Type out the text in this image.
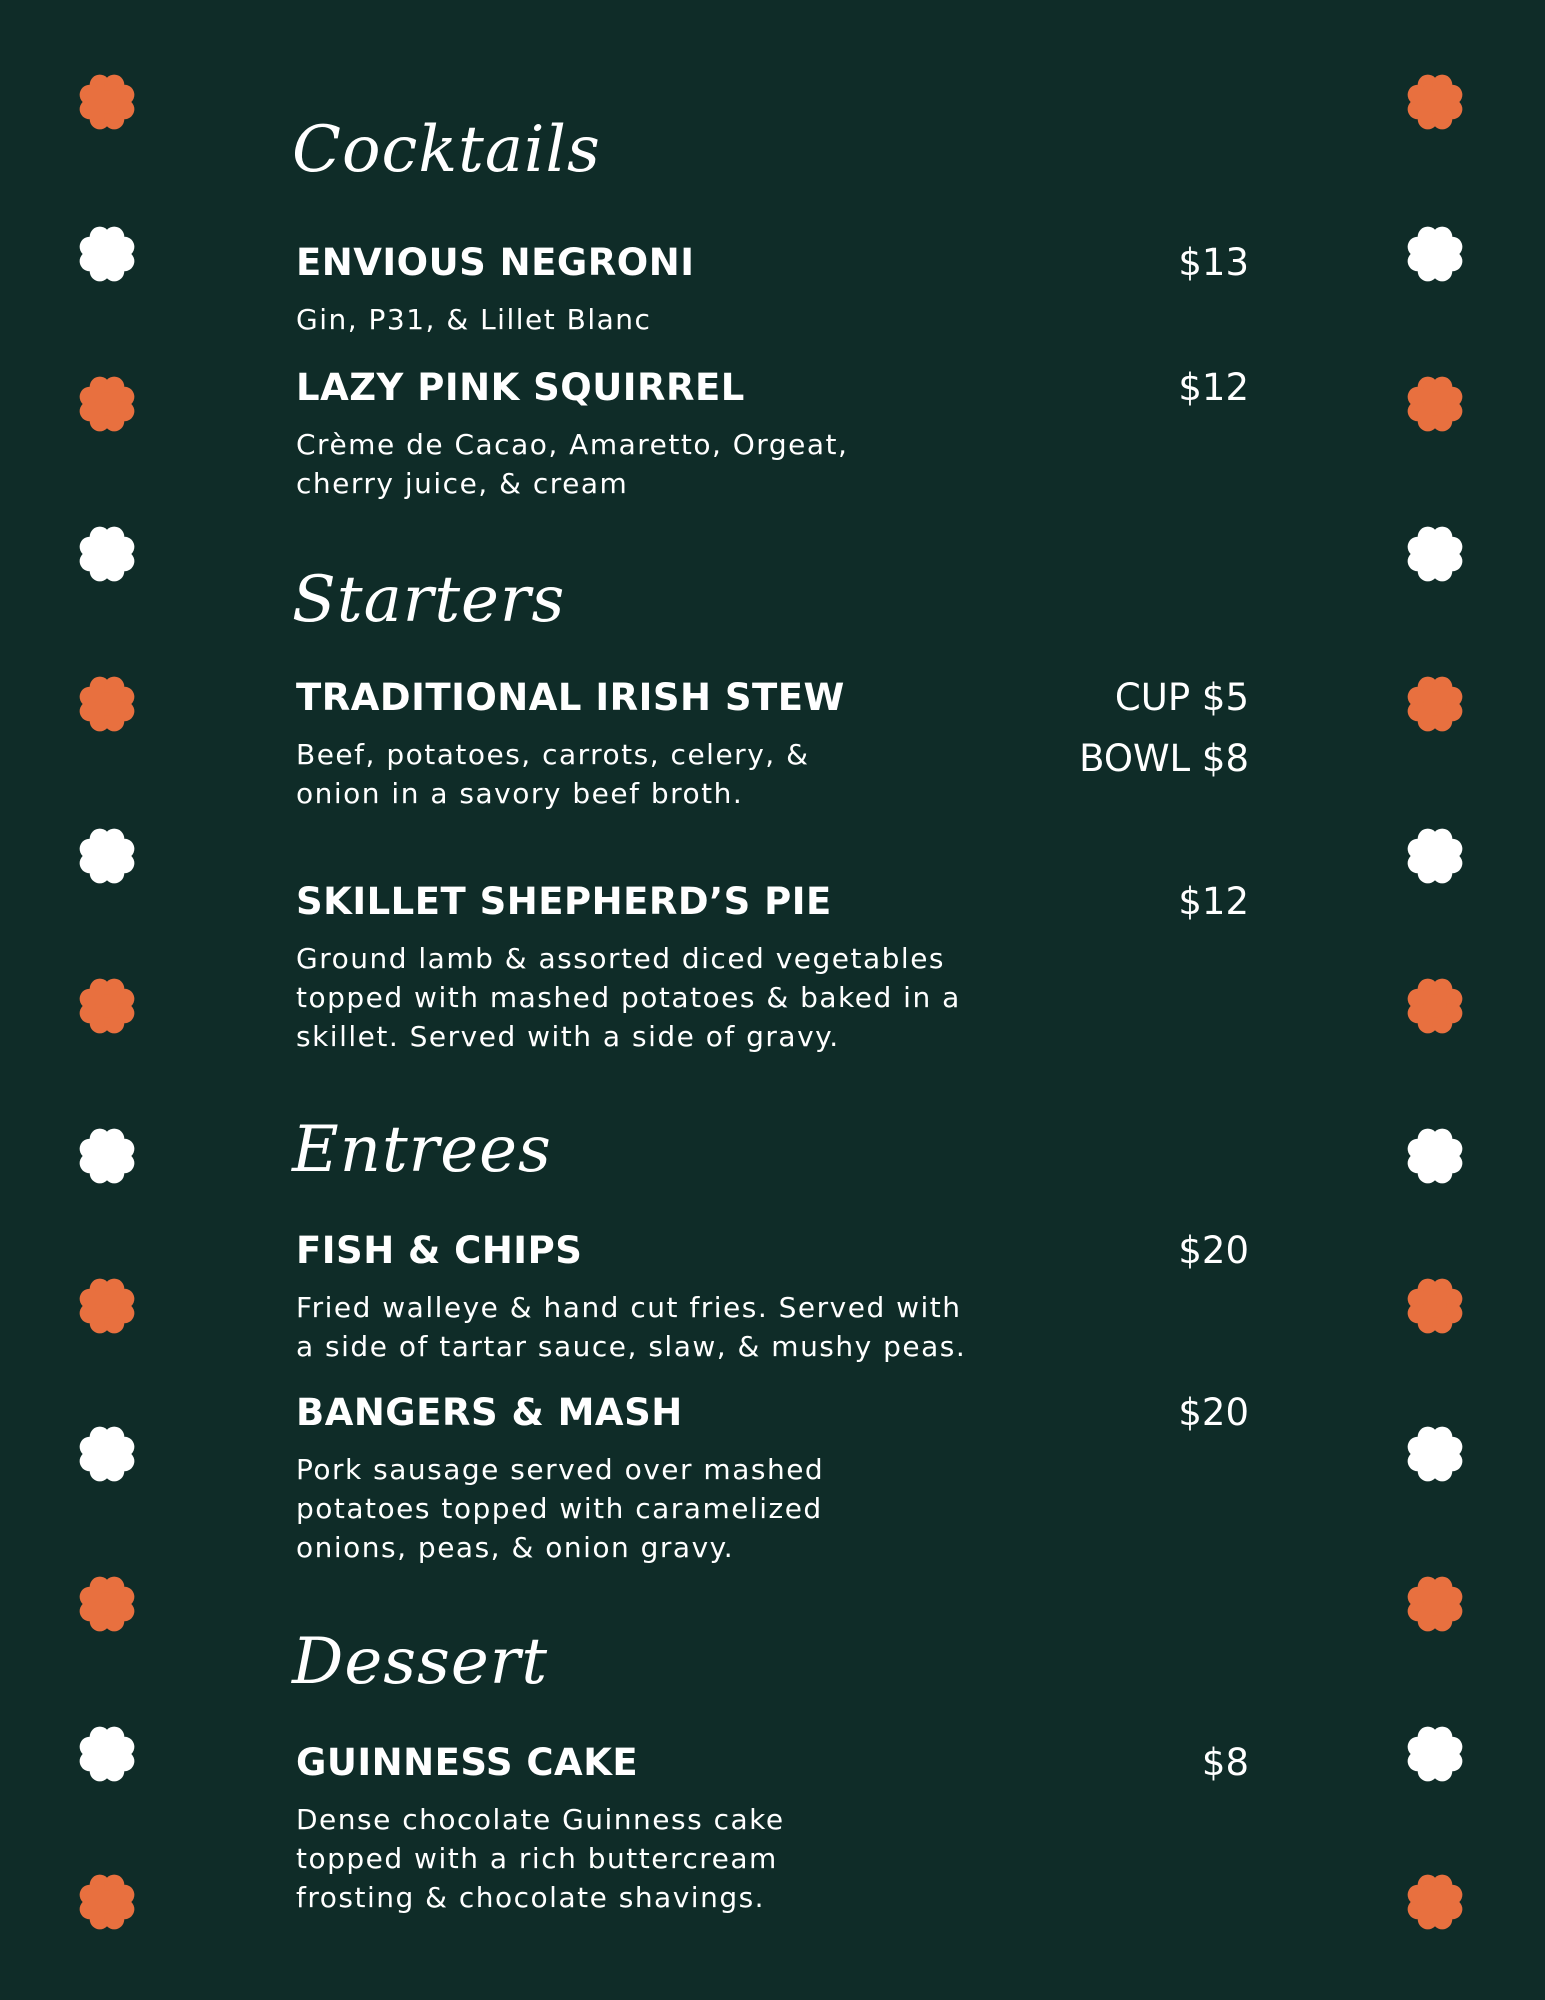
Cocktails
ENVIOUS NEGRONI	$13
Gin, P31, & Lillet Blanc
LAZY PINK SQUIRREL	$12
Crème de Cacao, Amaretto, Orgeat,
cherry juice, & cream
Starters
TRADITIONAL IRISH STEW	CUP $5
BOWL $8
Beef, potatoes, carrots, celery, &
onion in a savory beef broth.
SKILLET SHEPHERD’S PIE	$12
Ground lamb & assorted diced vegetables
topped with mashed potatoes & baked in a
skillet. Served with a side of gravy.
Entrees
FISH & CHIPS	$20
Fried walleye & hand cut fries. Served with
a side of tartar sauce, slaw, & mushy peas.
BANGERS & MASH	$20
Pork sausage served over mashed
potatoes topped with caramelized
onions, peas, & onion gravy.
Dessert
GUINNESS CAKE	$8
Dense chocolate Guinness cake
topped with a rich buttercream
frosting & chocolate shavings.
